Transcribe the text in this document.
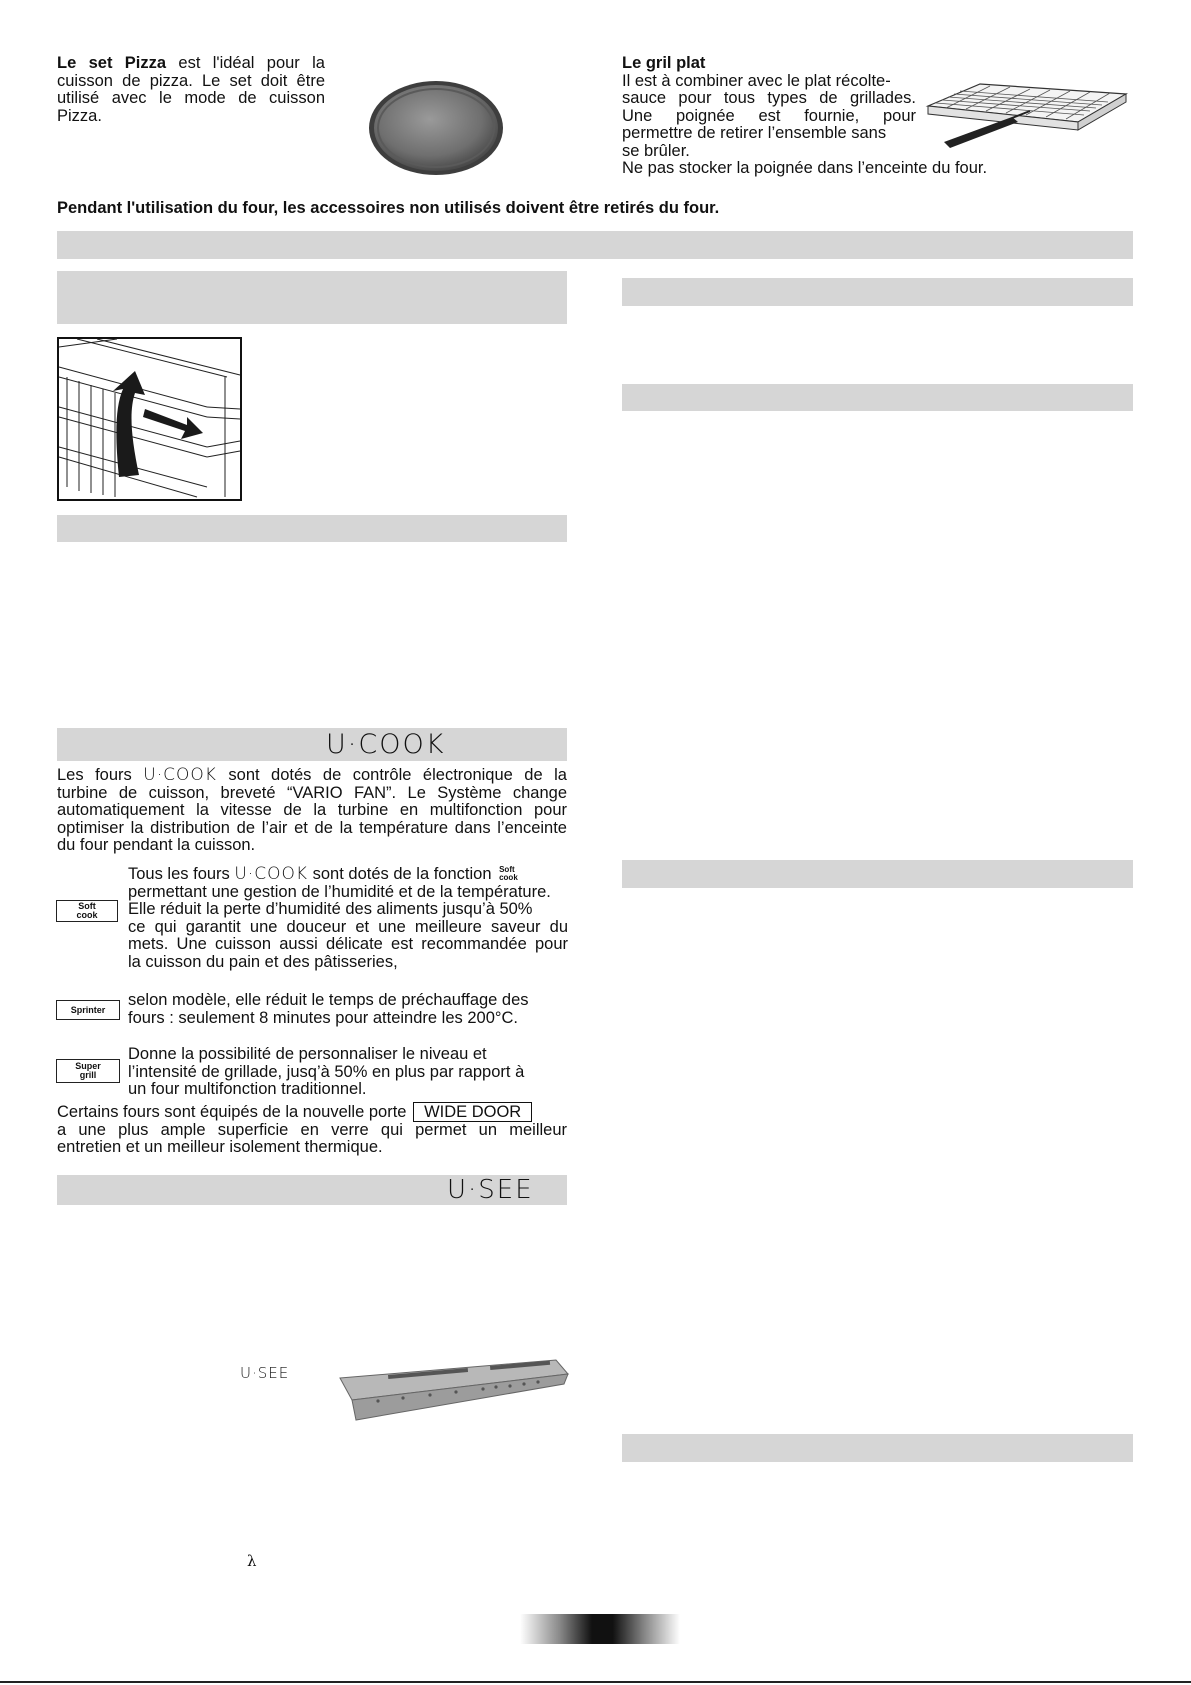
Le set Pizza est l'idéal pour la
cuisson de pizza. Le set doit être
utilisé avec le mode de cuisson
Pizza.
Le gril plat
Il est à combiner avec le plat récolte-
sauce pour tous types de grillades.
Une poignée est fournie, pour
permettre de retirer l’ensemble sans
se brûler.
Ne pas stocker la poignée dans l’enceinte du four.
Pendant l'utilisation du four, les accessoires non utilisés doivent être retirés du four.
U·COOK
Les fours U·COOK sont dotés de contrôle électronique de la
turbine de cuisson, breveté “VARIO FAN”. Le Système change
automatiquement la vitesse de la turbine en multifonction pour
optimiser la distribution de l’air et de la température dans l’enceinte
du four pendant la cuisson.
Tous les fours U·COOK sont dotés de la fonction Soft
cook
permettant une gestion de l’humidité et de la température.
Elle réduit la perte d’humidité des aliments jusqu’à 50%
ce qui garantit une douceur et une meilleure saveur du
mets. Une cuisson aussi délicate est recommandée pour
la cuisson du pain et des pâtisseries,
Soft
cook
selon modèle, elle réduit le temps de préchauffage des
fours : seulement 8 minutes pour atteindre les 200°C.
Sprinter
Donne la possibilité de personnaliser le niveau et
l’intensité de grillade, jusq’à 50% en plus par rapport à
un four multifonction traditionnel.
Super
grill
Certains fours sont équipés de la nouvelle porte WIDE DOOR
a une plus ample superficie en verre qui permet un meilleur
entretien et un meilleur isolement thermique.
U·SEE
U·SEE
λ
